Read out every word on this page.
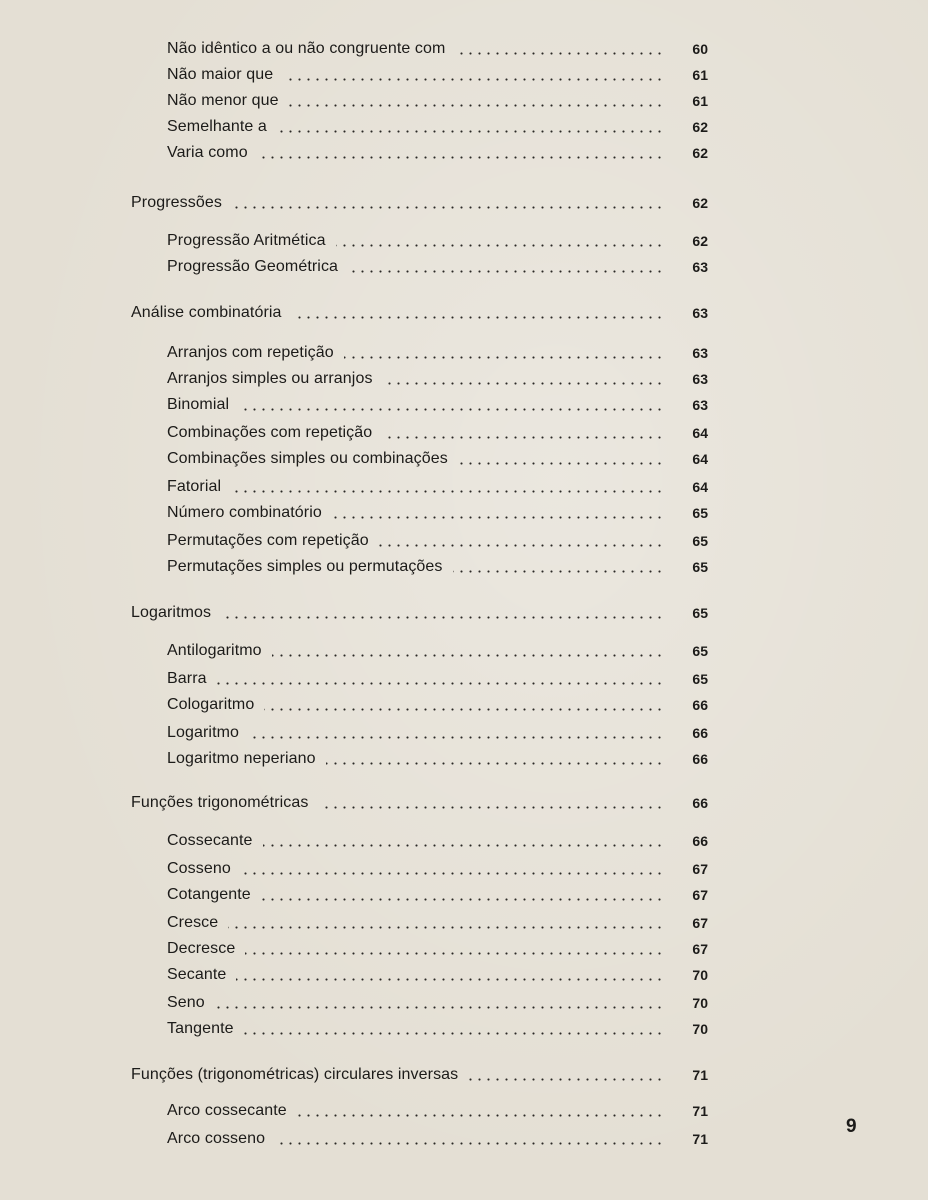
Não idêntico a ou não congruente com	60
Não maior que	61
Não menor que	61
Semelhante a	62
Varia como	62
Progressões	62
Progressão Aritmética	62
Progressão Geométrica	63
Análise combinatória	63
Arranjos com repetição	63
Arranjos simples ou arranjos	63
Binomial	63
Combinações com repetição	64
Combinações simples ou combinações	64
Fatorial	64
Número combinatório	65
Permutações com repetição	65
Permutações simples ou permutações	65
Logaritmos	65
Antilogaritmo	65
Barra	65
Cologaritmo	66
Logaritmo	66
Logaritmo neperiano	66
Funções trigonométricas	66
Cossecante	66
Cosseno	67
Cotangente	67
Cresce	67
Decresce	67
Secante	70
Seno	70
Tangente	70
Funções (trigonométricas) circulares inversas	71
Arco cossecante	71
Arco cosseno	71
9
